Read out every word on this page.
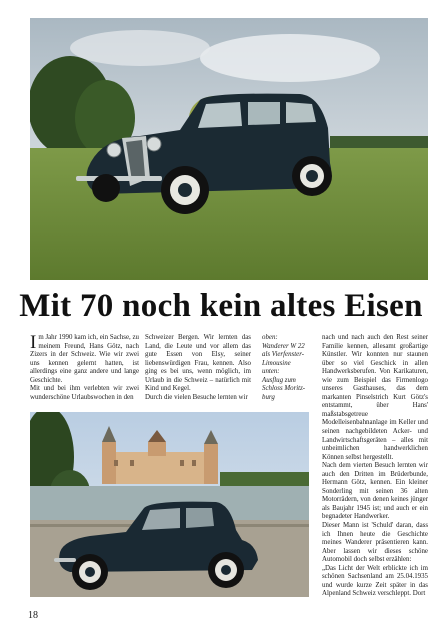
Mit 70 noch kein altes Eisen

Im Jahr 1990 kam ich, ein Sachse, zu meinem Freund, Hans Götz, nach Zizers in der Schweiz. Wie wir zwei uns kennen gelernt hatten, ist allerdings eine ganz andere und lange Geschichte.

Mit und bei ihm verlebten wir zwei wunderschöne Urlaubswochen in den

Schweizer Bergen. Wir lernten das Land, die Leute und vor allem das gute Essen von Elsy, seiner liebenswürdigen Frau, kennen. Also ging es bei uns, wenn möglich, im Urlaub in die Schweiz – natürlich mit Kind und Kegel.

Durch die vielen Besuche lernten wir

oben:
Wanderer W 22
als Vierfenster-
Limousine
unten:
Ausflug zum
Schloss Moritz-
burg

nach und nach auch den Rest seiner Familie kennen, allesamt großartige Künstler. Wir konnten nur staunen über so viel Geschick in allen Handwerksberufen. Von Karikaturen, wie zum Beispiel das Firmenlogo unseres Gasthauses, das dem markanten Pinselstrich Kurt Götz's entstammt, über Hans' maßstabsgetreue Modelleisenbahnanlage im Keller und seinen nachgebildeten Acker- und Landwirtschaftsgeräten – alles mit unbeimlichen handwerklichen Können selbst hergestellt.

Nach dem vierten Besuch lernten wir auch den Dritten im Brüderbunde, Hermann Götz, kennen. Ein kleiner Sonderling mit seinen 36 alten Motorrädern, von denen keines jünger als Baujahr 1945 ist; und auch er ein begnadeter Handwerker.

Dieser Mann ist 'Schuld' daran, dass ich Ihnen heute die Geschichte meines Wanderer präsentieren kann. Aber lassen wir dieses schöne Automobil doch selbst erzählen:

„Das Licht der Welt erblickte ich im schönen Sachsenland am 25.04.1935 und wurde kurze Zeit später in das Alpenland Schweiz verschleppt. Dort

18
